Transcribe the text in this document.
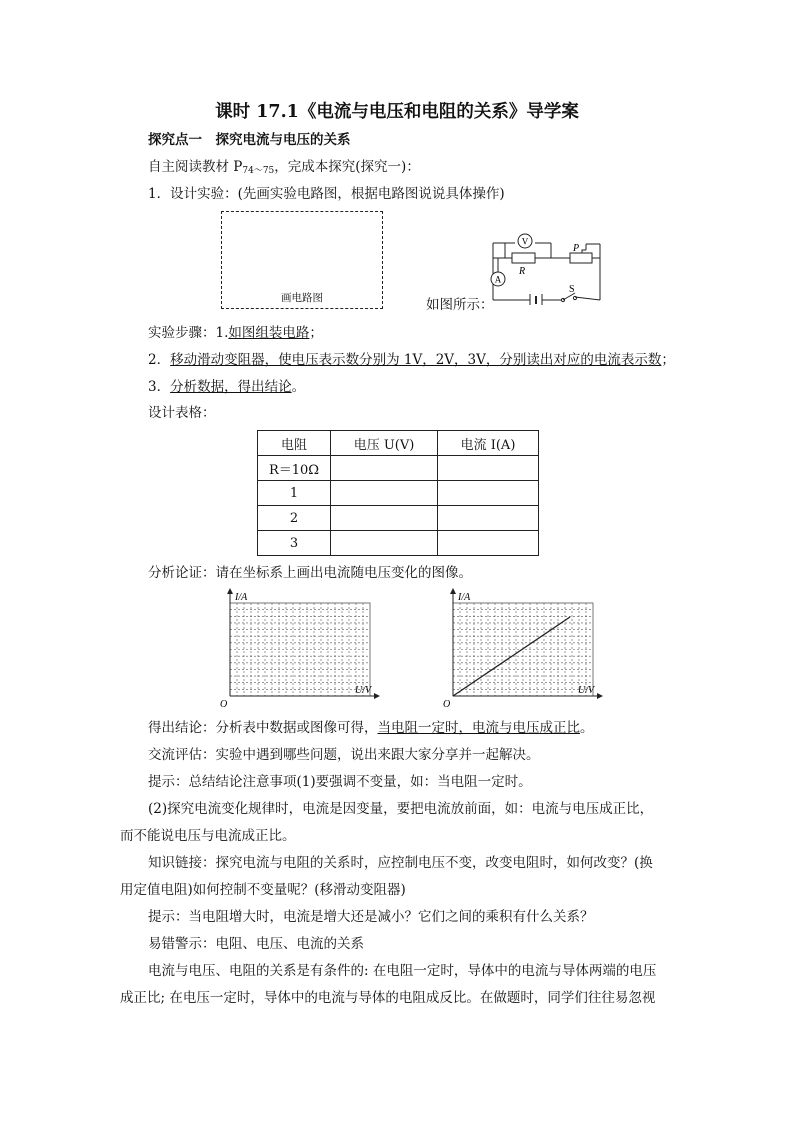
课时 17.1《电流与电压和电阻的关系》导学案
探究点一　探究电流与电压的关系
自主阅读教材 $P_{74\sim 75}$，完成本探究(探究一)：
1．设计实验：(先画实验电路图，根据电路图说说具体操作)
画电路图	如图所示：
V
A
R
P
S
实验步骤：1.如图组装电路；
2．移动滑动变阻器，使电压表示数分别为 1V，2V，3V，分别读出对应的电流表示数；
3．分析数据，得出结论。
设计表格：
电阻	电压 U(V)	电流 I(A)
R＝10Ω		
1		
2		
3		
分析论证：请在坐标系上画出电流随电压变化的图像。
I/A
U/V
O
I/A
U/V
O
得出结论：分析表中数据或图像可得，当电阻一定时，电流与电压成正比。
交流评估：实验中遇到哪些问题，说出来跟大家分享并一起解决。
提示：总结结论注意事项(1)要强调不变量，如：当电阻一定时。
(2)探究电流变化规律时，电流是因变量，要把电流放前面，如：电流与电压成正比，
而不能说电压与电流成正比。
知识链接：探究电流与电阻的关系时，应控制电压不变，改变电阻时，如何改变？(换
用定值电阻)如何控制不变量呢？(移滑动变阻器)
提示：当电阻增大时，电流是增大还是减小？它们之间的乘积有什么关系？
易错警示：电阻、电压、电流的关系
电流与电压、电阻的关系是有条件的: 在电阻一定时，导体中的电流与导体两端的电压
成正比; 在电压一定时，导体中的电流与导体的电阻成反比。在做题时，同学们往往易忽视
